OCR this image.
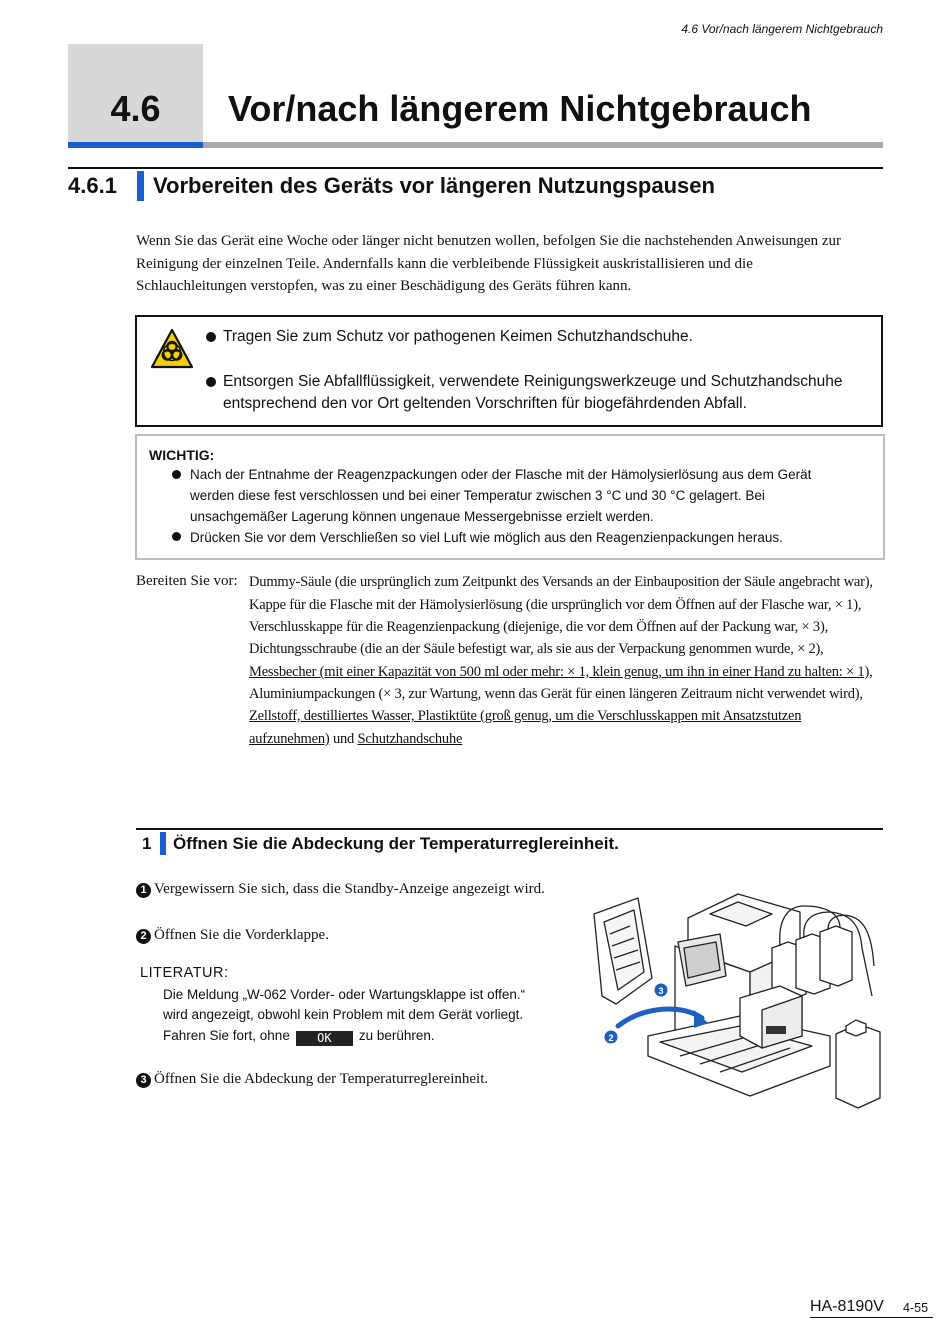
4.6 Vor/nach längerem Nichtgebrauch
4.6	Vor/nach längerem Nichtgebrauch
4.6.1 Vorbereiten des Geräts vor längeren Nutzungspausen
Wenn Sie das Gerät eine Woche oder länger nicht benutzen wollen, befolgen Sie die nachstehenden Anweisungen zur
Reinigung der einzelnen Teile. Andernfalls kann die verbleibende Flüssigkeit auskristallisieren und die
Schlauchleitungen verstopfen, was zu einer Beschädigung des Geräts führen kann.
Tragen Sie zum Schutz vor pathogenen Keimen Schutzhandschuhe.
Entsorgen Sie Abfallflüssigkeit, verwendete Reinigungswerkzeuge und Schutzhandschuhe
entsprechend den vor Ort geltenden Vorschriften für biogefährdenden Abfall.
WICHTIG:
Nach der Entnahme der Reagenzpackungen oder der Flasche mit der Hämolysierlösung aus dem Gerät
werden diese fest verschlossen und bei einer Temperatur zwischen 3 °C und 30 °C gelagert. Bei
unsachgemäßer Lagerung können ungenaue Messergebnisse erzielt werden.
Drücken Sie vor dem Verschließen so viel Luft wie möglich aus den Reagenzienpackungen heraus.
Bereiten Sie vor: Dummy-Säule (die ursprünglich zum Zeitpunkt des Versands an der Einbauposition der Säule angebracht war),
Kappe für die Flasche mit der Hämolysierlösung (die ursprünglich vor dem Öffnen auf der Flasche war, × 1),
Verschlusskappe für die Reagenzienpackung (diejenige, die vor dem Öffnen auf der Packung war, × 3),
Dichtungsschraube (die an der Säule befestigt war, als sie aus der Verpackung genommen wurde, × 2),
Messbecher (mit einer Kapazität von 500 ml oder mehr: × 1, klein genug, um ihn in einer Hand zu halten: × 1),
Aluminiumpackungen (× 3, zur Wartung, wenn das Gerät für einen längeren Zeitraum nicht verwendet wird),
Zellstoff, destilliertes Wasser, Plastiktüte (groß genug, um die Verschlusskappen mit Ansatzstutzen
aufzunehmen) und Schutzhandschuhe
1 Öffnen Sie die Abdeckung der Temperaturreglereinheit.
1 Vergewissern Sie sich, dass die Standby-Anzeige angezeigt wird.
2 Öffnen Sie die Vorderklappe.
LITERATUR:
Die Meldung „W-062 Vorder- oder Wartungsklappe ist offen.“
wird angezeigt, obwohl kein Problem mit dem Gerät vorliegt.
Fahren Sie fort, ohne OK zu berühren.
3 Öffnen Sie die Abdeckung der Temperaturreglereinheit.
3
2
HA-8190V 4-55
